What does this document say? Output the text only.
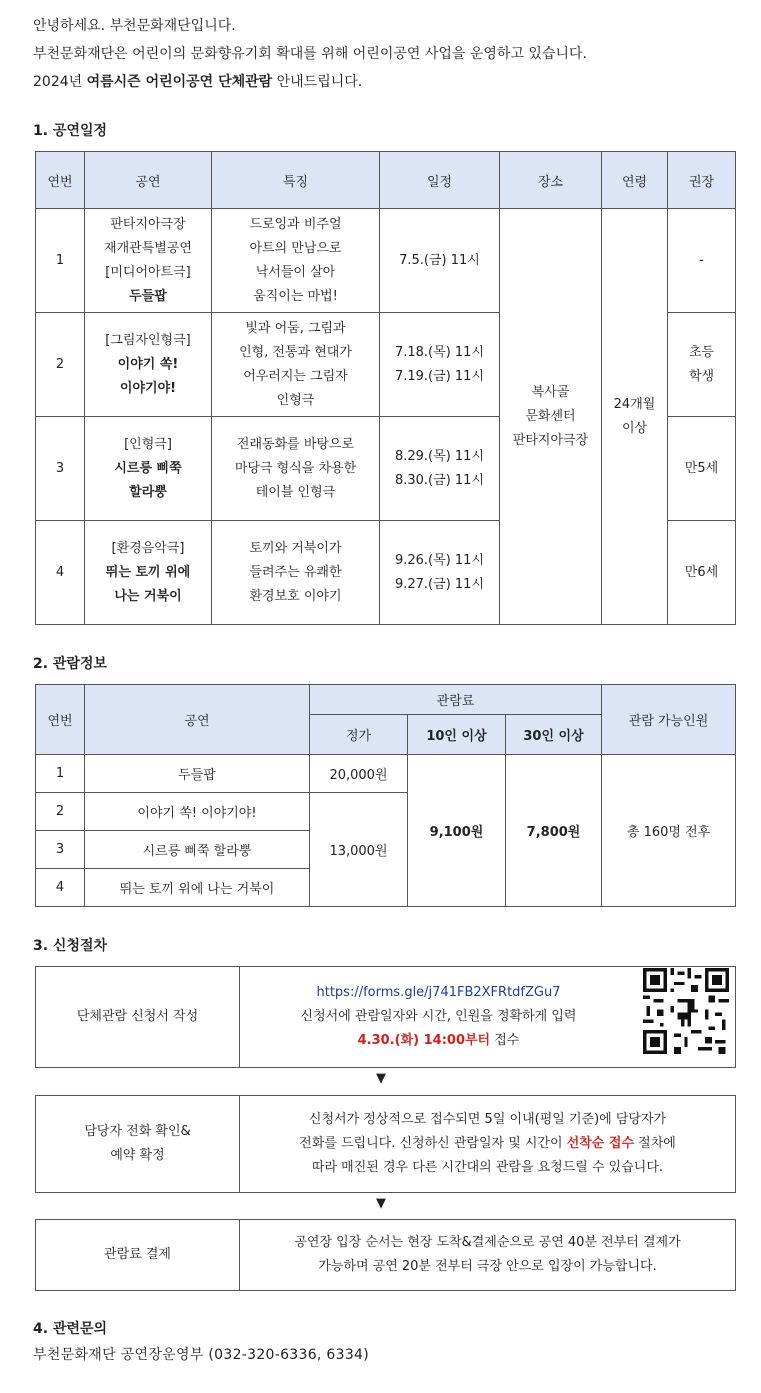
안녕하세요. 부천문화재단입니다.

부천문화재단은 어린이의 문화향유기회 확대를 위해 어린이공연 사업을 운영하고 있습니다.

2024년 여름시즌 어린이공연 단체관람 안내드립니다.

1. 공연일정
연번	공연	특징	일정	장소	연령	권장

1	판타지아극장
재개관특별공연
[미디어아트극]
두들팝	드로잉과 비주얼
아트의 만남으로
낙서들이 살아
움직이는 마법!	7.5.(금) 11시	복사골
문화센터
판타지아극장	24개월
이상	-

2	[그림자인형극]
이야기 쏙!
이야기야!	빛과 어둠, 그림과
인형, 전통과 현대가
어우러지는 그림자
인형극	7.18.(목) 11시
7.19.(금) 11시			초등
학생

3	[인형극]
시르릉 삐쭉
할라뿡	전래동화를 바탕으로
마당극 형식을 차용한
테이블 인형극	8.29.(목) 11시
8.30.(금) 11시			만5세

4	[환경음악극]
뛰는 토끼 위에
나는 거북이	토끼와 거북이가
들려주는 유쾌한
환경보호 이야기	9.26.(목) 11시
9.27.(금) 11시			만6세
2. 관람정보
연번	공연	관람료			관람 가능인원
		정가	10인 이상	30인 이상	
1	두들팝	20,000원	9,100원	7,800원	총 160명 전후
2	이야기 쏙! 이야기야!	13,000원			
3	시르릉 삐쭉 할라뿡				
4	뛰는 토끼 위에 나는 거북이				
3. 신청절차
단체관람 신청서 작성
https://forms.gle/j741FB2XFRtdfZGu7
신청서에 관람일자와 시간, 인원을 정확하게 입력
4.30.(화) 14:00부터 접수
▼
담당자 전화 확인&
예약 확정
신청서가 정상적으로 접수되면 5일 이내(평일 기준)에 담당자가
전화를 드립니다. 신청하신 관람일자 및 시간이 선착순 접수 절차에
따라 매진된 경우 다른 시간대의 관람을 요청드릴 수 있습니다.
▼
관람료 결제
공연장 입장 순서는 현장 도착&결제순으로 공연 40분 전부터 결제가
가능하며 공연 20분 전부터 극장 안으로 입장이 가능합니다.
4. 관련문의
부천문화재단 공연장운영부 (032-320-6336, 6334)
